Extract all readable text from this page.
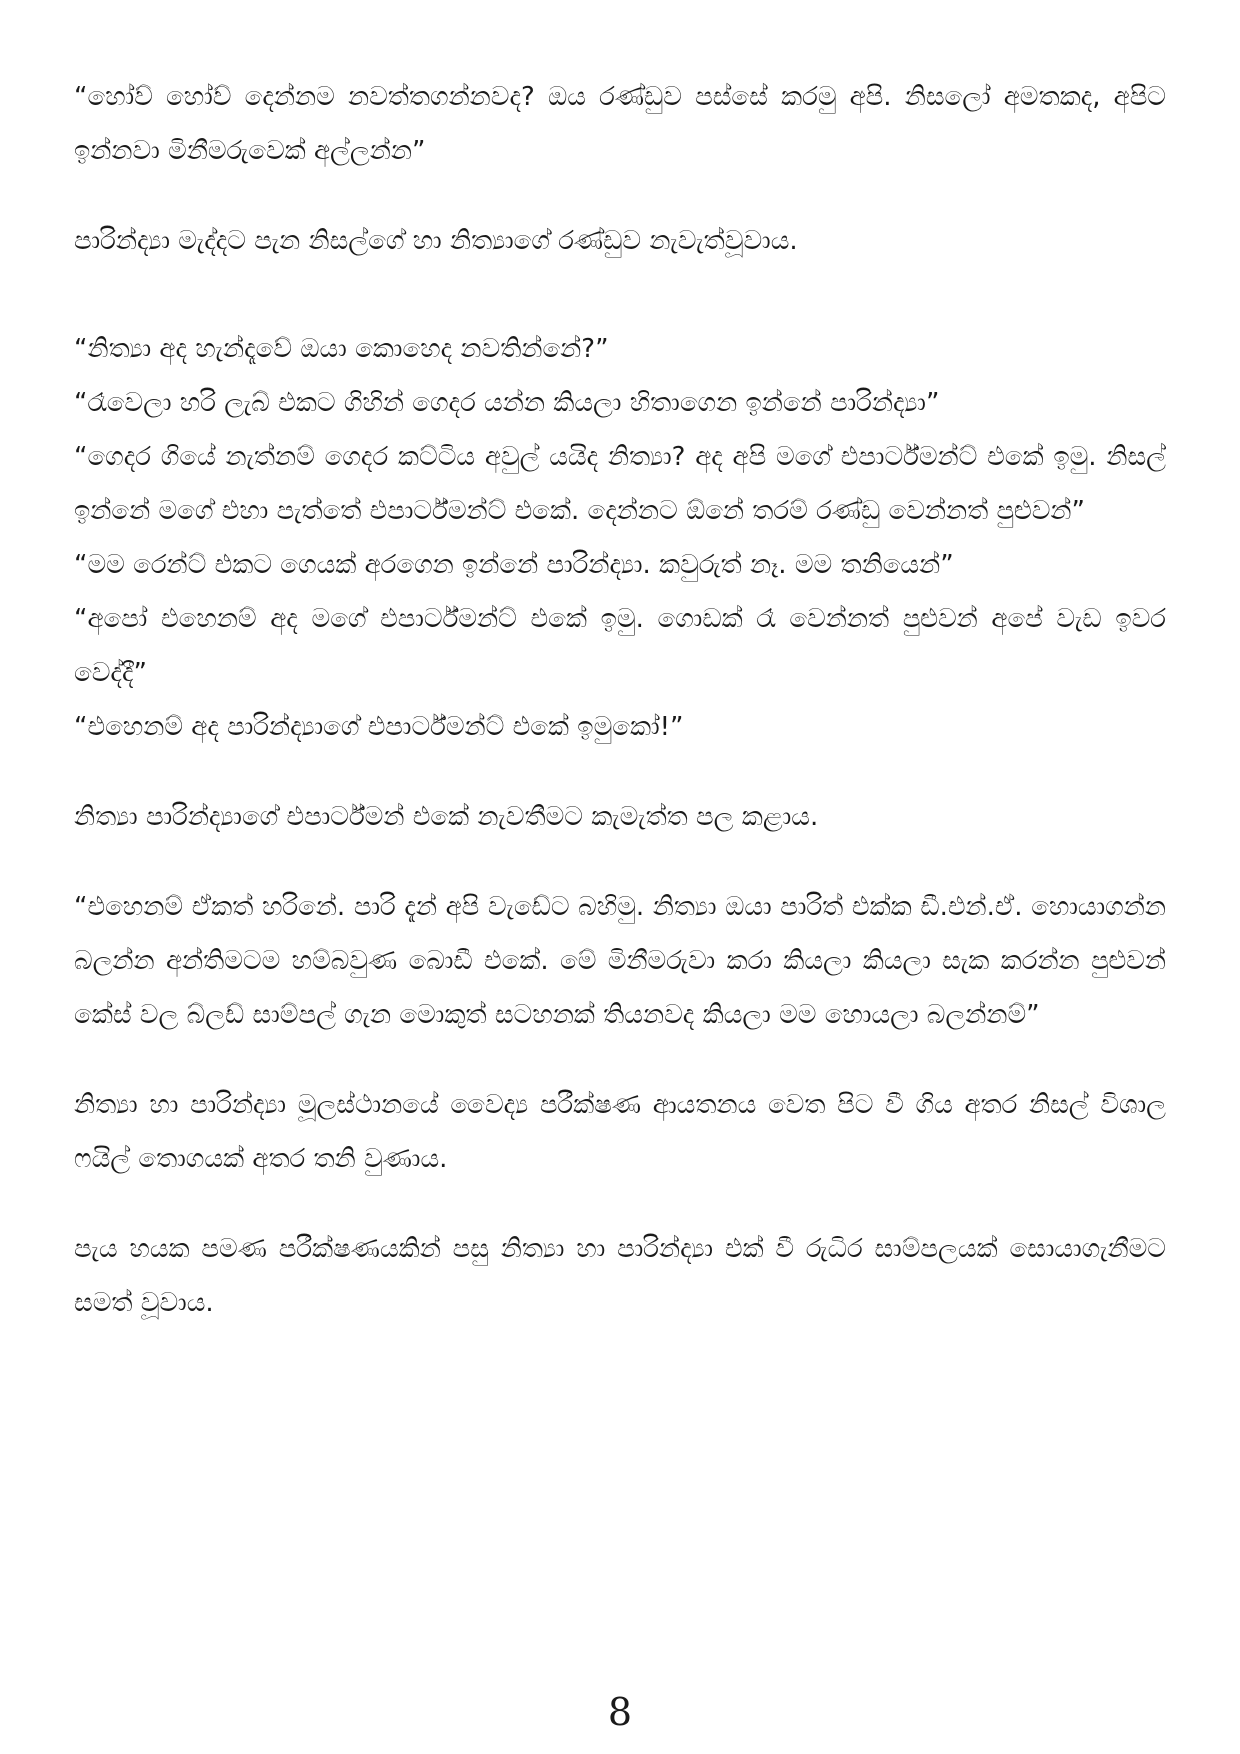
“හෝව් හෝව් දෙන්නම නවත්තගන්නවද? ඔය රණ්ඩුව පස්සේ කරමු අපි. නිසලෝ අමතකද, අපිට ඉන්නවා මිනීමරුවෙක් අල්ලන්න”

පාරින්ද්‍යා මැද්දට පැන නිසල්ගේ හා නිත්‍යාගේ රණ්ඩුව නැවැත්වූවාය.

“නිත්‍යා අද හැන්දෑවේ ඔයා කොහෙද නවතින්නේ?”
“රෑවෙලා හරි ලැබ් එකට ගිහින් ගෙදර යන්න කියලා හිතාගෙන ඉන්නේ පාරින්ද්‍යා”
“ගෙදර ගියේ නැත්නම් ගෙදර කට්ටිය අවුල් යයිද නිත්‍යා? අද අපි මගේ එපාර්ට්මන්ට් එකේ ඉමු. නිසල් ඉන්නේ මගේ එහා පැත්තේ එපාර්ට්මන්ට් එකේ. දෙන්නට ඕනේ තරම් රණ්ඩු වෙන්නත් පුළුවන්”
“මම රෙන්ට් එකට ගෙයක් අරගෙන ඉන්නේ පාරින්ද්‍යා. කවුරුත් නෑ. මම තනියෙන්”
“අපෝ එහෙනම් අද මගේ එපාර්ට්මන්ට් එකේ ඉමු. ගොඩක් රෑ වෙන්නත් පුළුවන් අපේ වැඩ ඉවර වෙද්දී”
“එහෙනම් අද පාරින්ද්‍යාගේ එපාර්ට්මන්ට් එකේ ඉමුකෝ!”

නිත්‍යා පාරින්ද්‍යාගේ එපාර්ට්මන් එකේ නැවතීමට කැමැත්ත පල කළාය.

“එහෙනම් ඒකත් හරිනේ. පාරි දැන් අපි වැඩේට බහිමු. නිත්‍යා ඔයා පාරිත් එක්ක ඩී.එන්.ඒ. හොයාගන්න බලන්න අන්තිමටම හම්බවුණ බොඩී එකේ. මේ මිනීමරුවා කරා කියලා කියලා සැක කරන්න පුළුවන් කේස් වල බ්ලඩ් සාම්පල් ගැන මොකුත් සටහනක් තියනවද කියලා මම හොයලා බලන්නම්”

නිත්‍යා හා පාරින්ද්‍යා මූලස්ථානයේ වෛද්‍ය පරීක්ෂණ ආයතනය වෙත පිට වී ගිය අතර නිසල් විශාල ෆයිල් තොගයක් අතර තනි වුණාය.

පැය හයක පමණ පරීක්ෂණයකින් පසු නිත්‍යා හා පාරින්ද්‍යා එක් වී රුධිර සාම්පලයක් සොයාගැනීමට සමත් වූවාය.

8
